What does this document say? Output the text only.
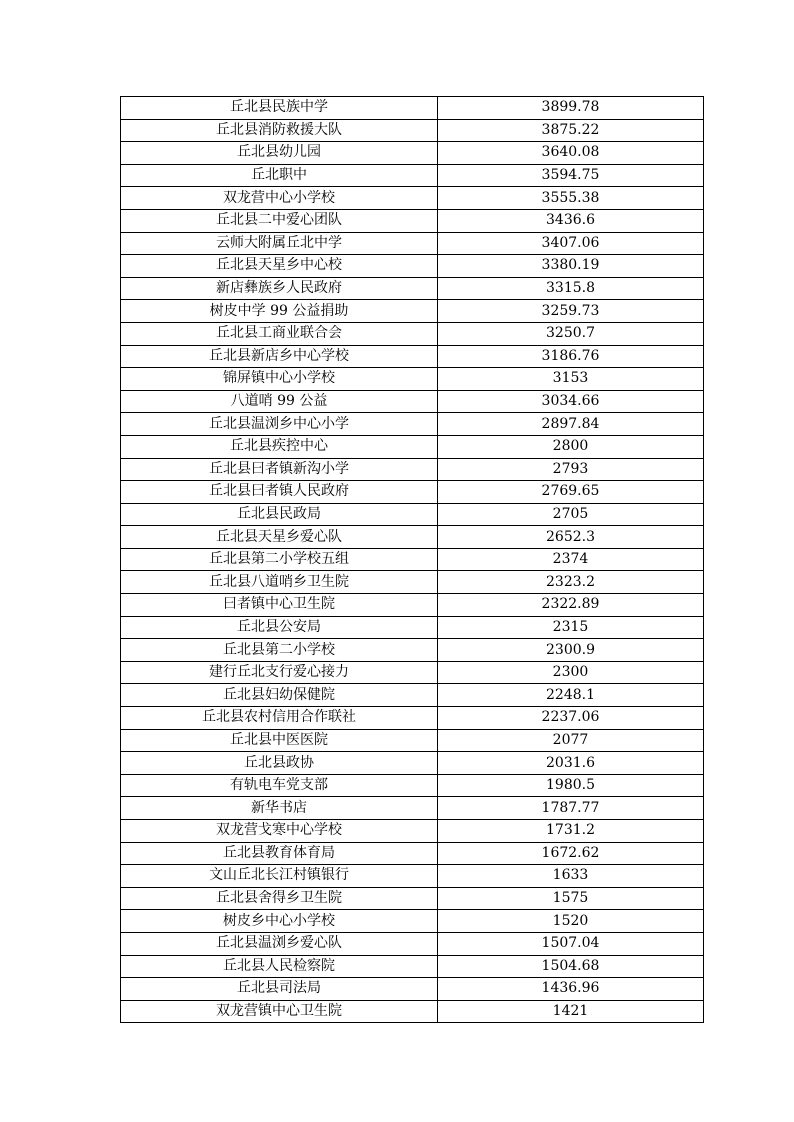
丘北县民族中学	3899.78
丘北县消防救援大队	3875.22
丘北县幼儿园	3640.08
丘北职中	3594.75
双龙营中心小学校	3555.38
丘北县二中爱心团队	3436.6
云师大附属丘北中学	3407.06
丘北县天星乡中心校	3380.19
新店彝族乡人民政府	3315.8
树皮中学 99 公益捐助	3259.73
丘北县工商业联合会	3250.7
丘北县新店乡中心学校	3186.76
锦屏镇中心小学校	3153
八道哨 99 公益	3034.66
丘北县温浏乡中心小学	2897.84
丘北县疾控中心	2800
丘北县曰者镇新沟小学	2793
丘北县曰者镇人民政府	2769.65
丘北县民政局	2705
丘北县天星乡爱心队	2652.3
丘北县第二小学校五组	2374
丘北县八道哨乡卫生院	2323.2
曰者镇中心卫生院	2322.89
丘北县公安局	2315
丘北县第二小学校	2300.9
建行丘北支行爱心接力	2300
丘北县妇幼保健院	2248.1
丘北县农村信用合作联社	2237.06
丘北县中医医院	2077
丘北县政协	2031.6
有轨电车党支部	1980.5
新华书店	1787.77
双龙营戈寒中心学校	1731.2
丘北县教育体育局	1672.62
文山丘北长江村镇银行	1633
丘北县舍得乡卫生院	1575
树皮乡中心小学校	1520
丘北县温浏乡爱心队	1507.04
丘北县人民检察院	1504.68
丘北县司法局	1436.96
双龙营镇中心卫生院	1421
